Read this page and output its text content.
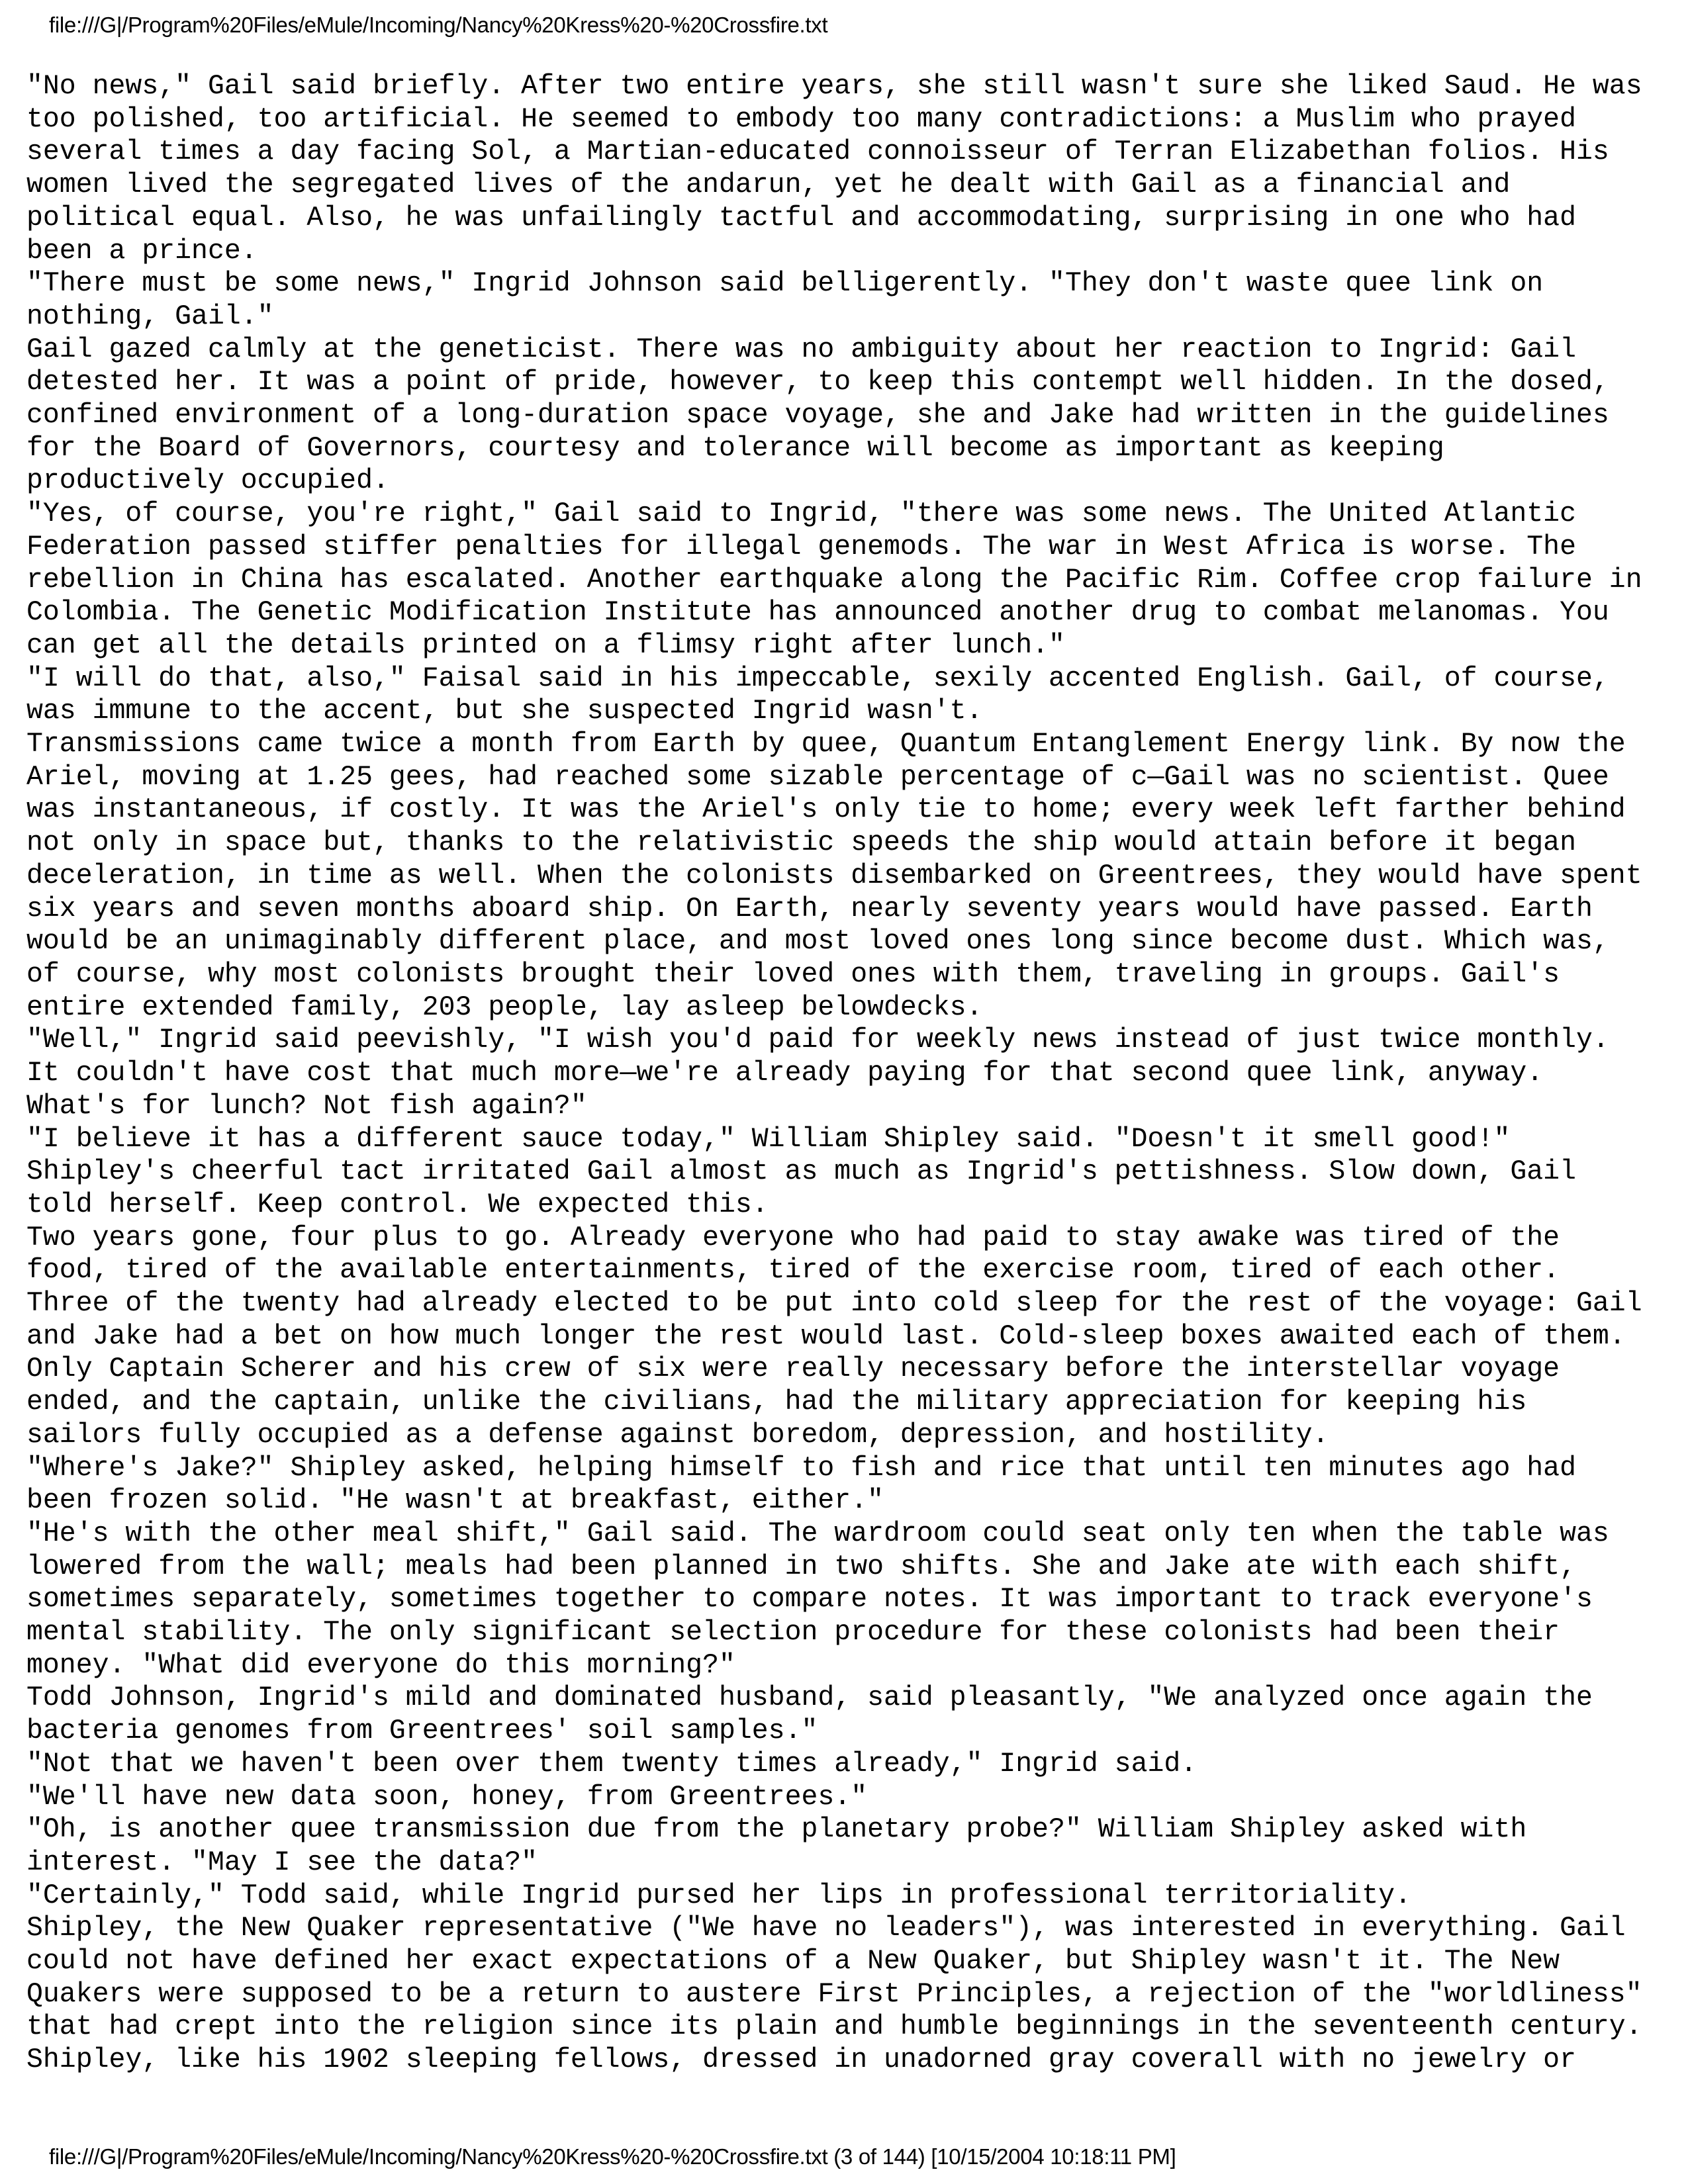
file:///G|/Program%20Files/eMule/Incoming/Nancy%20Kress%20-%20Crossfire.txt
"No news," Gail said briefly. After two entire years, she still wasn't sure she liked Saud. He was
too polished, too artificial. He seemed to embody too many contradictions: a Muslim who prayed
several times a day facing Sol, a Martian-educated connoisseur of Terran Elizabethan folios. His
women lived the segregated lives of the andarun, yet he dealt with Gail as a financial and
political equal. Also, he was unfailingly tactful and accommodating, surprising in one who had
been a prince.
"There must be some news," Ingrid Johnson said belligerently. "They don't waste quee link on
nothing, Gail."
Gail gazed calmly at the geneticist. There was no ambiguity about her reaction to Ingrid: Gail
detested her. It was a point of pride, however, to keep this contempt well hidden. In the dosed,
confined environment of a long-duration space voyage, she and Jake had written in the guidelines
for the Board of Governors, courtesy and tolerance will become as important as keeping
productively occupied.
"Yes, of course, you're right," Gail said to Ingrid, "there was some news. The United Atlantic
Federation passed stiffer penalties for illegal genemods. The war in West Africa is worse. The
rebellion in China has escalated. Another earthquake along the Pacific Rim. Coffee crop failure in
Colombia. The Genetic Modification Institute has announced another drug to combat melanomas. You
can get all the details printed on a flimsy right after lunch."
"I will do that, also," Faisal said in his impeccable, sexily accented English. Gail, of course,
was immune to the accent, but she suspected Ingrid wasn't.
Transmissions came twice a month from Earth by quee, Quantum Entanglement Energy link. By now the
Ariel, moving at 1.25 gees, had reached some sizable percentage of c—Gail was no scientist. Quee
was instantaneous, if costly. It was the Ariel's only tie to home; every week left farther behind
not only in space but, thanks to the relativistic speeds the ship would attain before it began
deceleration, in time as well. When the colonists disembarked on Greentrees, they would have spent
six years and seven months aboard ship. On Earth, nearly seventy years would have passed. Earth
would be an unimaginably different place, and most loved ones long since become dust. Which was,
of course, why most colonists brought their loved ones with them, traveling in groups. Gail's
entire extended family, 203 people, lay asleep belowdecks.
"Well," Ingrid said peevishly, "I wish you'd paid for weekly news instead of just twice monthly.
It couldn't have cost that much more—we're already paying for that second quee link, anyway.
What's for lunch? Not fish again?"
"I believe it has a different sauce today," William Shipley said. "Doesn't it smell good!"
Shipley's cheerful tact irritated Gail almost as much as Ingrid's pettishness. Slow down, Gail
told herself. Keep control. We expected this.
Two years gone, four plus to go. Already everyone who had paid to stay awake was tired of the
food, tired of the available entertainments, tired of the exercise room, tired of each other.
Three of the twenty had already elected to be put into cold sleep for the rest of the voyage: Gail
and Jake had a bet on how much longer the rest would last. Cold-sleep boxes awaited each of them.
Only Captain Scherer and his crew of six were really necessary before the interstellar voyage
ended, and the captain, unlike the civilians, had the military appreciation for keeping his
sailors fully occupied as a defense against boredom, depression, and hostility.
"Where's Jake?" Shipley asked, helping himself to fish and rice that until ten minutes ago had
been frozen solid. "He wasn't at breakfast, either."
"He's with the other meal shift," Gail said. The wardroom could seat only ten when the table was
lowered from the wall; meals had been planned in two shifts. She and Jake ate with each shift,
sometimes separately, sometimes together to compare notes. It was important to track everyone's
mental stability. The only significant selection procedure for these colonists had been their
money. "What did everyone do this morning?"
Todd Johnson, Ingrid's mild and dominated husband, said pleasantly, "We analyzed once again the
bacteria genomes from Greentrees' soil samples."
"Not that we haven't been over them twenty times already," Ingrid said.
"We'll have new data soon, honey, from Greentrees."
"Oh, is another quee transmission due from the planetary probe?" William Shipley asked with
interest. "May I see the data?"
"Certainly," Todd said, while Ingrid pursed her lips in professional territoriality.
Shipley, the New Quaker representative ("We have no leaders"), was interested in everything. Gail
could not have defined her exact expectations of a New Quaker, but Shipley wasn't it. The New
Quakers were supposed to be a return to austere First Principles, a rejection of the "worldliness"
that had crept into the religion since its plain and humble beginnings in the seventeenth century.
Shipley, like his 1902 sleeping fellows, dressed in unadorned gray coverall with no jewelry or
file:///G|/Program%20Files/eMule/Incoming/Nancy%20Kress%20-%20Crossfire.txt (3 of 144) [10/15/2004 10:18:11 PM]
